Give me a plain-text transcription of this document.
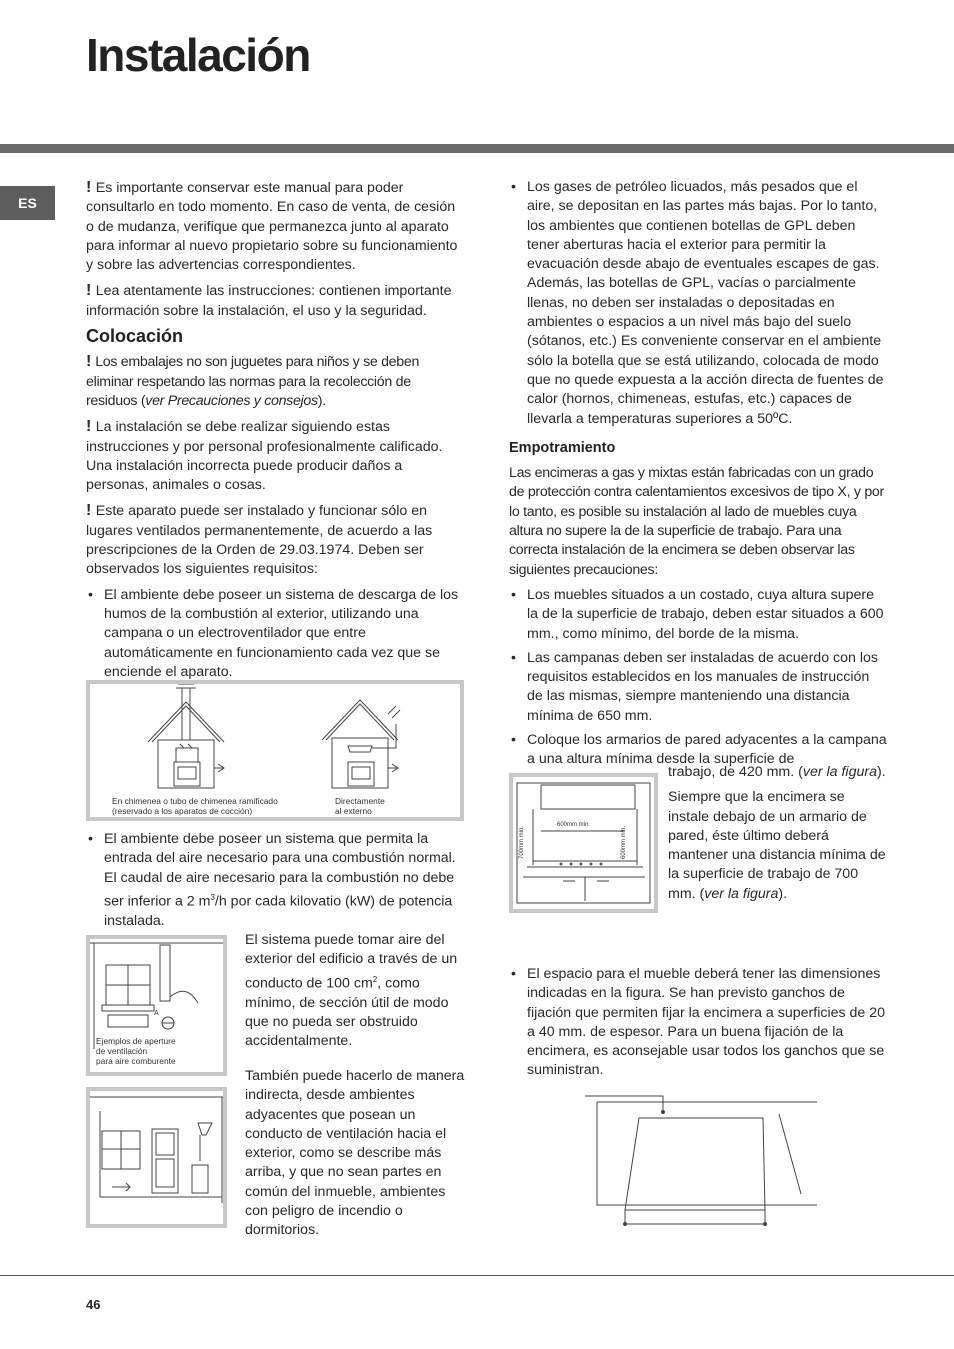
Instalación
ES

! Es importante conservar este manual para poder consultarlo en todo momento. En caso de venta, de cesión o de mudanza, verifique que permanezca junto al aparato para informar al nuevo propietario sobre su funcionamiento y sobre las advertencias correspondientes.

! Lea atentamente las instrucciones: contienen importante información sobre la instalación, el uso y la seguridad.

Colocación

! Los embalajes no son juguetes para niños y se deben eliminar respetando las normas para la recolección de residuos (ver Precauciones y consejos).

! La instalación se debe realizar siguiendo estas instrucciones y por personal profesionalmente calificado. Una instalación incorrecta puede producir daños a personas, animales o cosas.

! Este aparato puede ser instalado y funcionar sólo en lugares ventilados permanentemente, de acuerdo a las prescripciones de la Orden de 29.03.1974. Deben ser observados los siguientes requisitos:

• El ambiente debe poseer un sistema de descarga de los humos de la combustión al exterior, utilizando una campana o un electroventilador que entre automáticamente en funcionamiento cada vez que se enciende el aparato.
En chimenea o tubo de chimenea ramificado
(reservado a los aparatos de cocción)
Directamente
al externo
• El ambiente debe poseer un sistema que permita la entrada del aire necesario para una combustión normal. El caudal de aire necesario para la combustión no debe ser inferior a 2 $m^3/h$ por cada kilovatio (kW) de potencia instalada.
A
Ejemplos de aperture
de ventilación
para aire comburente

El sistema puede tomar aire del exterior del edificio a través de un conducto de 100 $cm^2$, como mínimo, de sección útil de modo que no pueda ser obstruido accidentalmente.

También puede hacerlo de manera indirecta, desde ambientes adyacentes que posean un conducto de ventilación hacia el exterior, como se describe más arriba, y que no sean partes en común del inmueble, ambientes con peligro de incendio o dormitorios.

• Los gases de petróleo licuados, más pesados que el aire, se depositan en las partes más bajas. Por lo tanto, los ambientes que contienen botellas de GPL deben tener aberturas hacia el exterior para permitir la evacuación desde abajo de eventuales escapes de gas. Además, las botellas de GPL, vacías o parcialmente llenas, no deben ser instaladas o depositadas en ambientes o espacios a un nivel más bajo del suelo (sótanos, etc.) Es conveniente conservar en el ambiente sólo la botella que se está utilizando, colocada de modo que no quede expuesta a la acción directa de fuentes de calor (hornos, chimeneas, estufas, etc.) capaces de llevarla a temperaturas superiores a 50ºC.
Empotramiento

Las encimeras a gas y mixtas están fabricadas con un grado de protección contra calentamientos excesivos de tipo X, y por lo tanto, es posible su instalación al lado de muebles cuya altura no supere la de la superficie de trabajo. Para una correcta instalación de la encimera se deben observar las siguientes precauciones:

• Los muebles situados a un costado, cuya altura supere la de la superficie de trabajo, deben estar situados a 600 mm., como mínimo, del borde de la misma.
• Las campanas deben ser instaladas de acuerdo con los requisitos establecidos en los manuales de instrucción de las mismas, siempre manteniendo una distancia mínima de 650 mm.
• Coloque los armarios de pared adyacentes a la campana a una altura mínima desde la superficie de
600mm min.
700mm min.	600mm min.

trabajo, de 420 mm. (ver la figura).

Siempre que la encimera se instale debajo de un armario de pared, éste último deberá mantener una distancia mínima de la superficie de trabajo de 700 mm. (ver la figura).

• El espacio para el mueble deberá tener las dimensiones indicadas en la figura. Se han previsto ganchos de fijación que permiten fijar la encimera a superficies de 20 a 40 mm. de espesor. Para un buena fijación de la encimera, es aconsejable usar todos los ganchos que se suministran.
46
